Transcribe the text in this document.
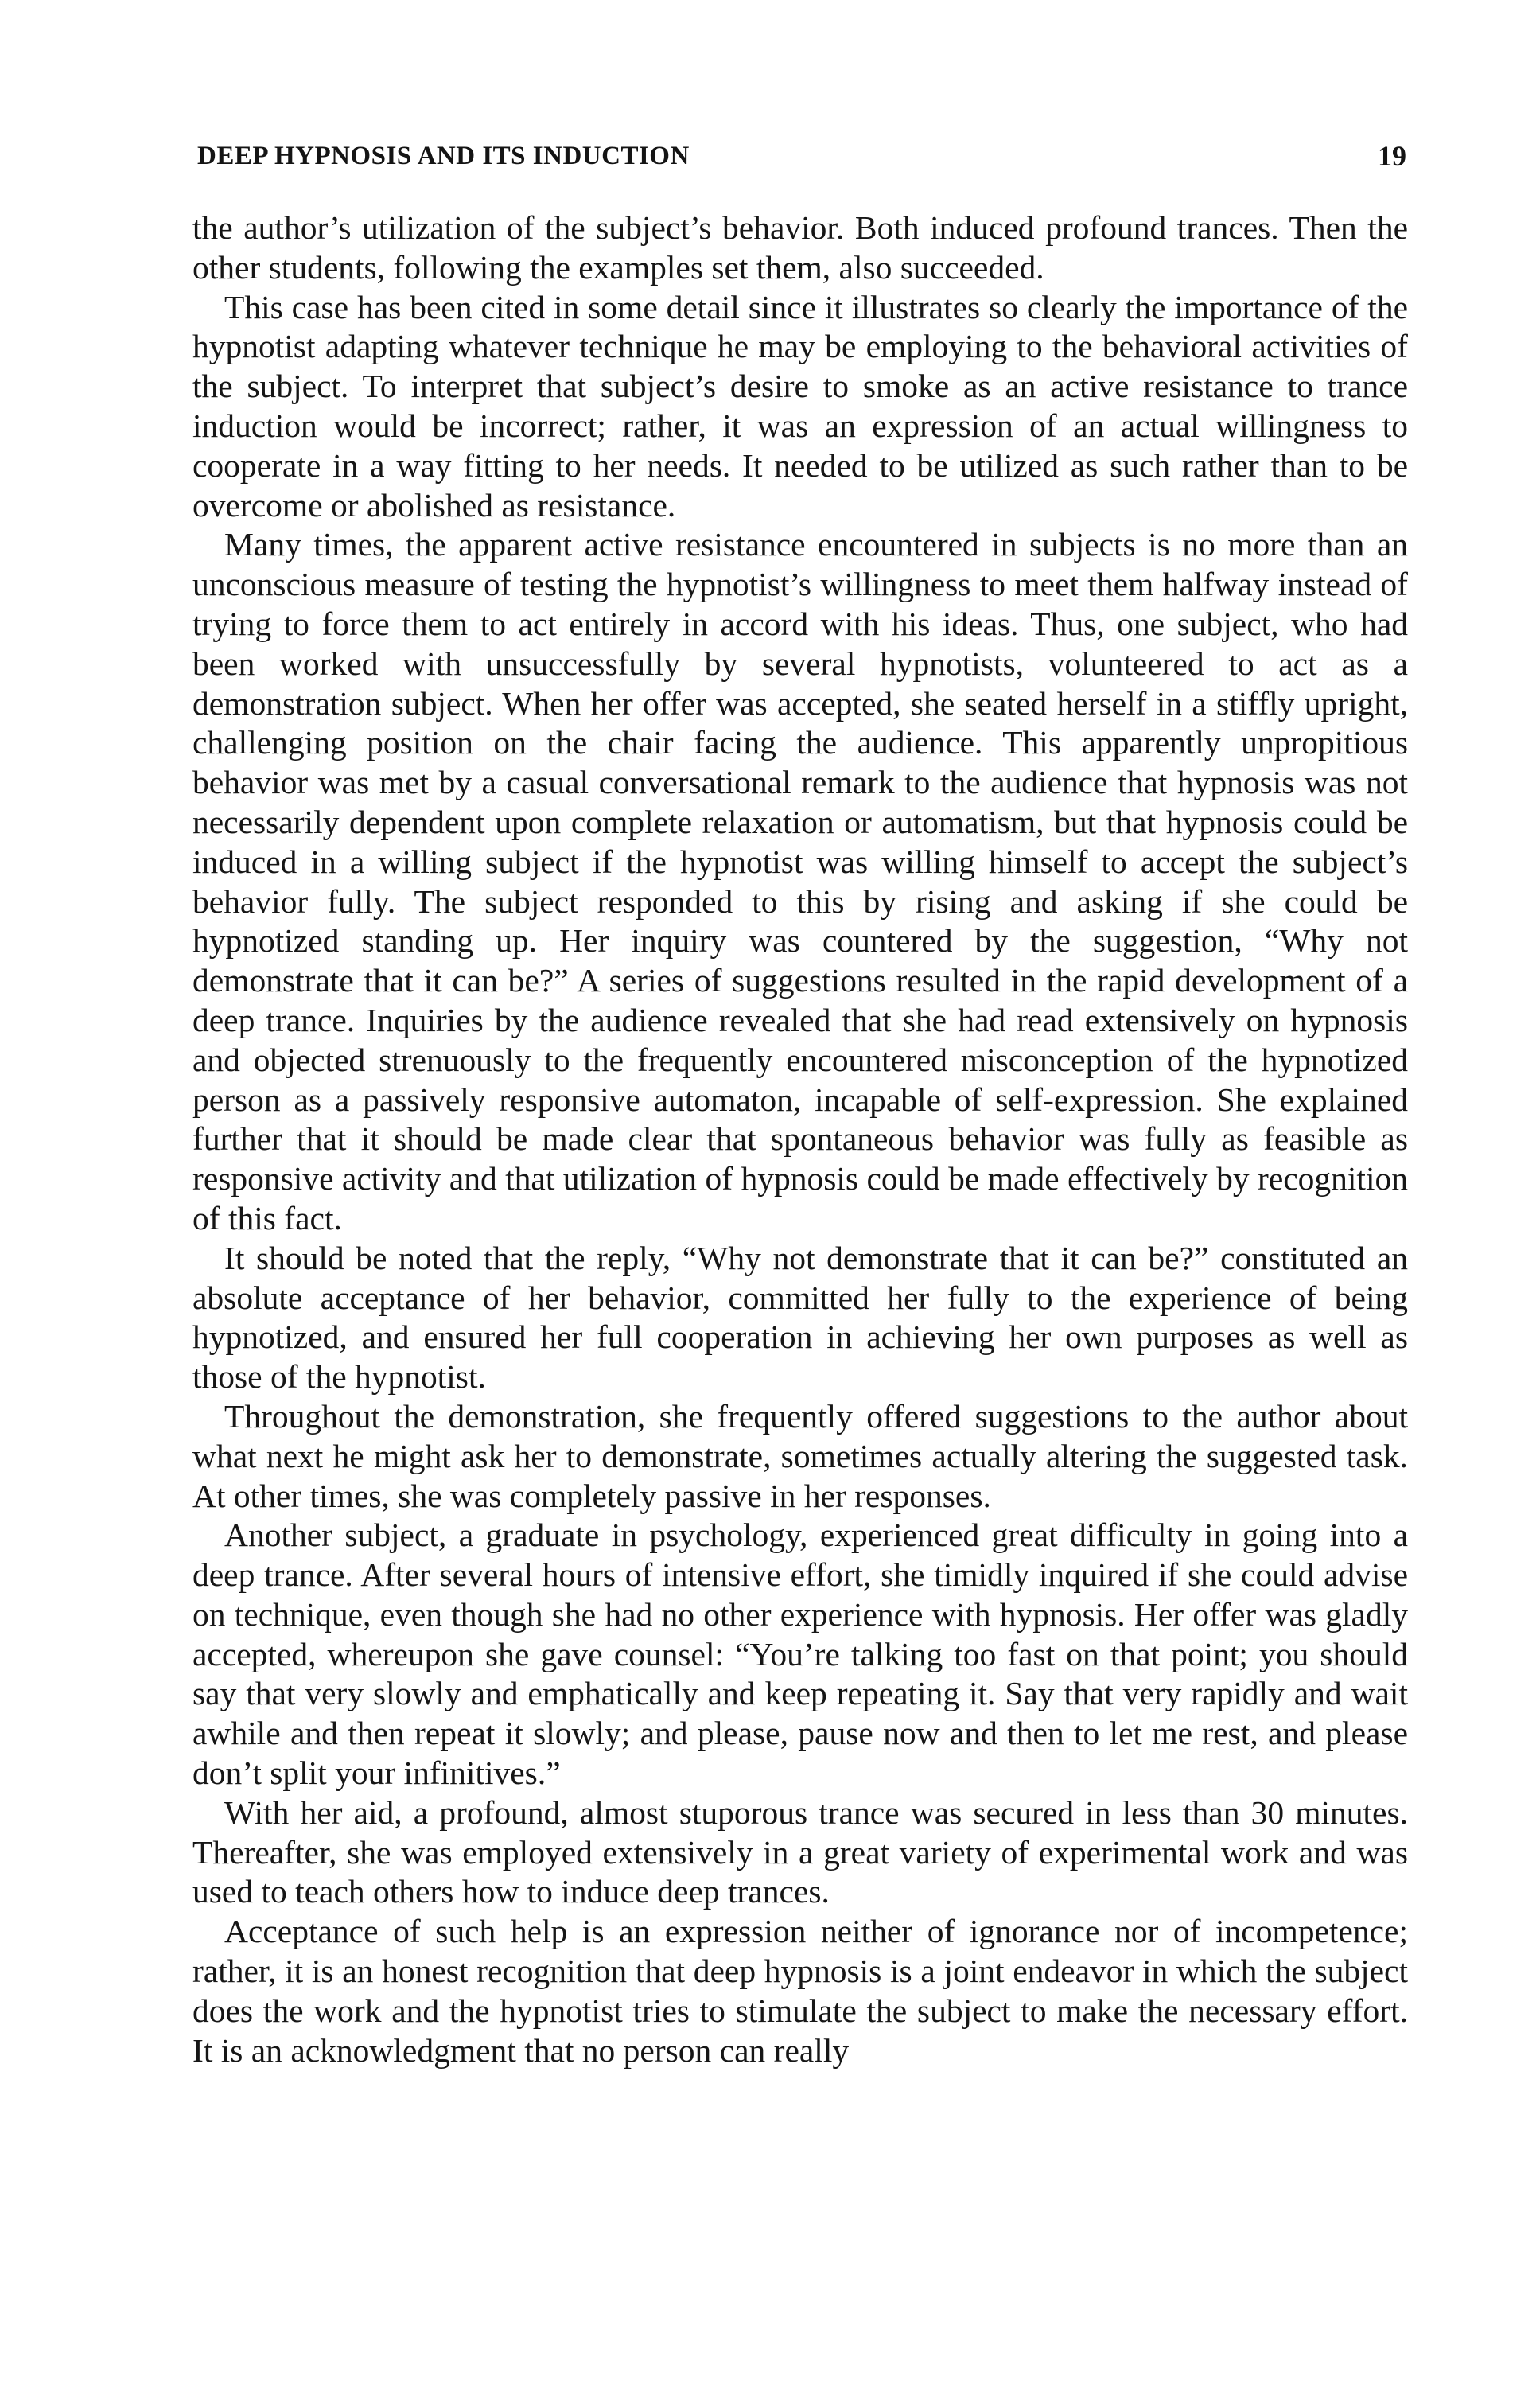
DEEP HYPNOSIS AND ITS INDUCTION	19

the author’s utilization of the subject’s behavior. Both induced profound trances. Then the other students, following the examples set them, also succeeded.

This case has been cited in some detail since it illustrates so clearly the importance of the hypnotist adapting whatever technique he may be employing to the behavioral activities of the subject. To interpret that subject’s desire to smoke as an active resistance to trance induction would be incorrect; rather, it was an expression of an actual willingness to cooperate in a way fitting to her needs. It needed to be utilized as such rather than to be overcome or abolished as resistance.

Many times, the apparent active resistance encountered in subjects is no more than an unconscious measure of testing the hypnotist’s willingness to meet them halfway instead of trying to force them to act entirely in accord with his ideas. Thus, one subject, who had been worked with unsuccessfully by several hypnotists, volunteered to act as a demonstration subject. When her offer was accepted, she seated herself in a stiffly upright, challenging position on the chair facing the audience. This apparently unpropitious behavior was met by a casual conversational remark to the audience that hypnosis was not necessarily dependent upon complete relaxation or automatism, but that hypnosis could be induced in a willing subject if the hypnotist was willing himself to accept the subject’s behavior fully. The subject responded to this by rising and asking if she could be hypnotized standing up. Her inquiry was countered by the suggestion, “Why not demonstrate that it can be?” A series of suggestions resulted in the rapid development of a deep trance. Inquiries by the audience revealed that she had read extensively on hypnosis and objected strenuously to the frequently encountered misconception of the hypnotized person as a passively responsive automaton, incapable of self-expression. She explained further that it should be made clear that spontaneous behavior was fully as feasible as responsive activity and that utilization of hypnosis could be made effectively by recognition of this fact.

It should be noted that the reply, “Why not demonstrate that it can be?” constituted an absolute acceptance of her behavior, committed her fully to the experience of being hypnotized, and ensured her full cooperation in achieving her own purposes as well as those of the hypnotist.

Throughout the demonstration, she frequently offered suggestions to the author about what next he might ask her to demonstrate, sometimes actually altering the suggested task. At other times, she was completely passive in her responses.

Another subject, a graduate in psychology, experienced great difficulty in going into a deep trance. After several hours of intensive effort, she timidly inquired if she could advise on technique, even though she had no other experience with hypnosis. Her offer was gladly accepted, whereupon she gave counsel: “You’re talking too fast on that point; you should say that very slowly and emphatically and keep repeating it. Say that very rapidly and wait awhile and then repeat it slowly; and please, pause now and then to let me rest, and please don’t split your infinitives.”

With her aid, a profound, almost stuporous trance was secured in less than 30 minutes. Thereafter, she was employed extensively in a great variety of experimental work and was used to teach others how to induce deep trances.

Acceptance of such help is an expression neither of ignorance nor of incompetence; rather, it is an honest recognition that deep hypnosis is a joint endeavor in which the subject does the work and the hypnotist tries to stimulate the subject to make the necessary effort. It is an acknowledgment that no person can really
